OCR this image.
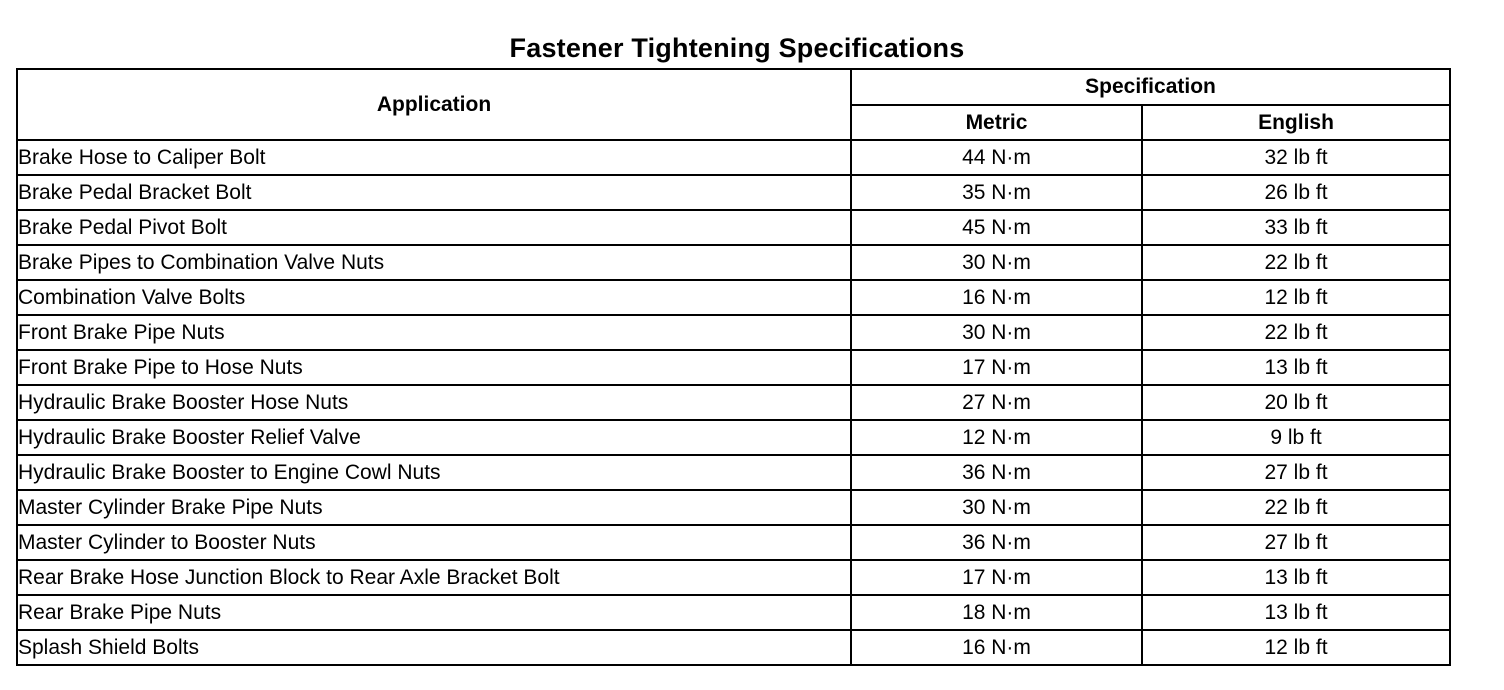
Fastener Tightening Specifications
Application	Specification	
	Metric	English
Brake Hose to Caliper Bolt	44 N·m	32 lb ft
Brake Pedal Bracket Bolt	35 N·m	26 lb ft
Brake Pedal Pivot Bolt	45 N·m	33 lb ft
Brake Pipes to Combination Valve Nuts	30 N·m	22 lb ft
Combination Valve Bolts	16 N·m	12 lb ft
Front Brake Pipe Nuts	30 N·m	22 lb ft
Front Brake Pipe to Hose Nuts	17 N·m	13 lb ft
Hydraulic Brake Booster Hose Nuts	27 N·m	20 lb ft
Hydraulic Brake Booster Relief Valve	12 N·m	9 lb ft
Hydraulic Brake Booster to Engine Cowl Nuts	36 N·m	27 lb ft
Master Cylinder Brake Pipe Nuts	30 N·m	22 lb ft
Master Cylinder to Booster Nuts	36 N·m	27 lb ft
Rear Brake Hose Junction Block to Rear Axle Bracket Bolt	17 N·m	13 lb ft
Rear Brake Pipe Nuts	18 N·m	13 lb ft
Splash Shield Bolts	16 N·m	12 lb ft
